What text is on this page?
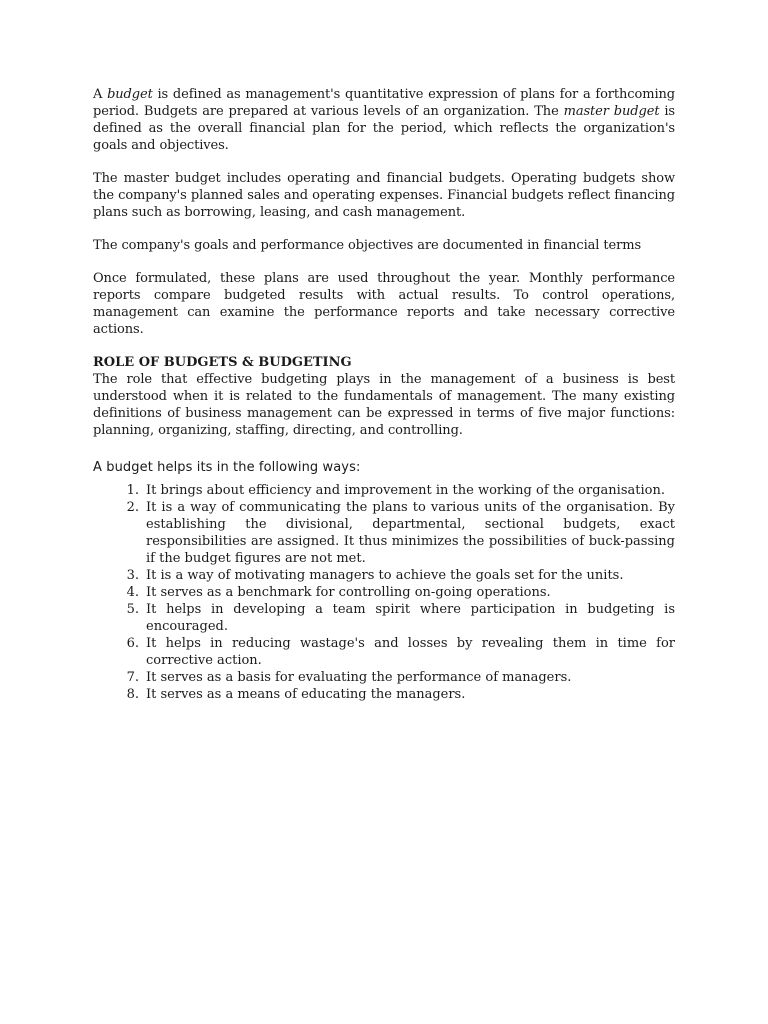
A budget is defined as management's quantitative expression of plans for a forthcoming period. Budgets are prepared at various levels of an organization. The master budget is defined as the overall financial plan for the period, which reflects the organization's goals and objectives.

The master budget includes operating and financial budgets. Operating budgets show the company's planned sales and operating expenses. Financial budgets reflect financing plans such as borrowing, leasing, and cash management.

The company's goals and performance objectives are documented in financial terms

Once formulated, these plans are used throughout the year. Monthly performance reports compare budgeted results with actual results. To control operations, management can examine the performance reports and take necessary corrective actions.

ROLE OF BUDGETS & BUDGETING

The role that effective budgeting plays in the management of a business is best understood when it is related to the fundamentals of management. The many existing definitions of business management can be expressed in terms of five major functions: planning, organizing, staffing, directing, and controlling.

A budget helps its in the following ways:
1. It brings about efficiency and improvement in the working of the organisation.
2. It is a way of communicating the plans to various units of the organisation. By establishing the divisional, departmental, sectional budgets, exact responsibilities are assigned. It thus minimizes the possibilities of buck-passing if the budget figures are not met.
3. It is a way of motivating managers to achieve the goals set for the units.
4. It serves as a benchmark for controlling on-going operations.
5. It helps in developing a team spirit where participation in budgeting is encouraged.
6. It helps in reducing wastage's and losses by revealing them in time for corrective action.
7. It serves as a basis for evaluating the performance of managers.
8. It serves as a means of educating the managers.
